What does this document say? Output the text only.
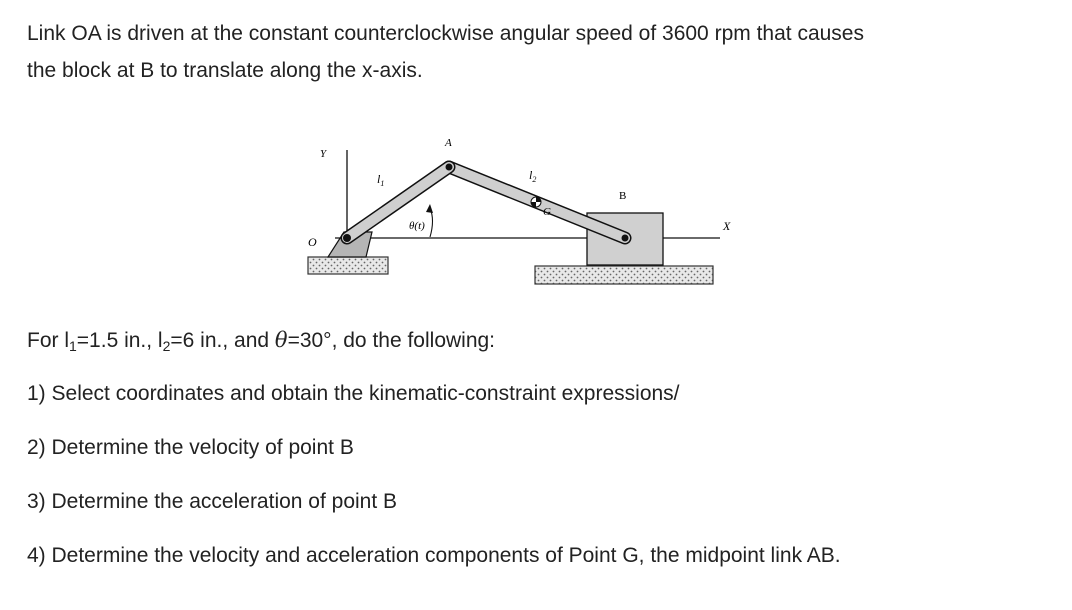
Link OA is driven at the constant counterclockwise angular speed of 3600 rpm that causes

the block at B to translate along the x-axis.

Y
O
$l_1$
A
$l_2$
B
G
X
θ(t)
For $l_1=1.5$ in., $l_2=6$ in., and θ=30°, do the following:
1) Select coordinates and obtain the kinematic-constraint expressions/
2) Determine the velocity of point B
3) Determine the acceleration of point B
4) Determine the velocity and acceleration components of Point G, the midpoint link AB.
